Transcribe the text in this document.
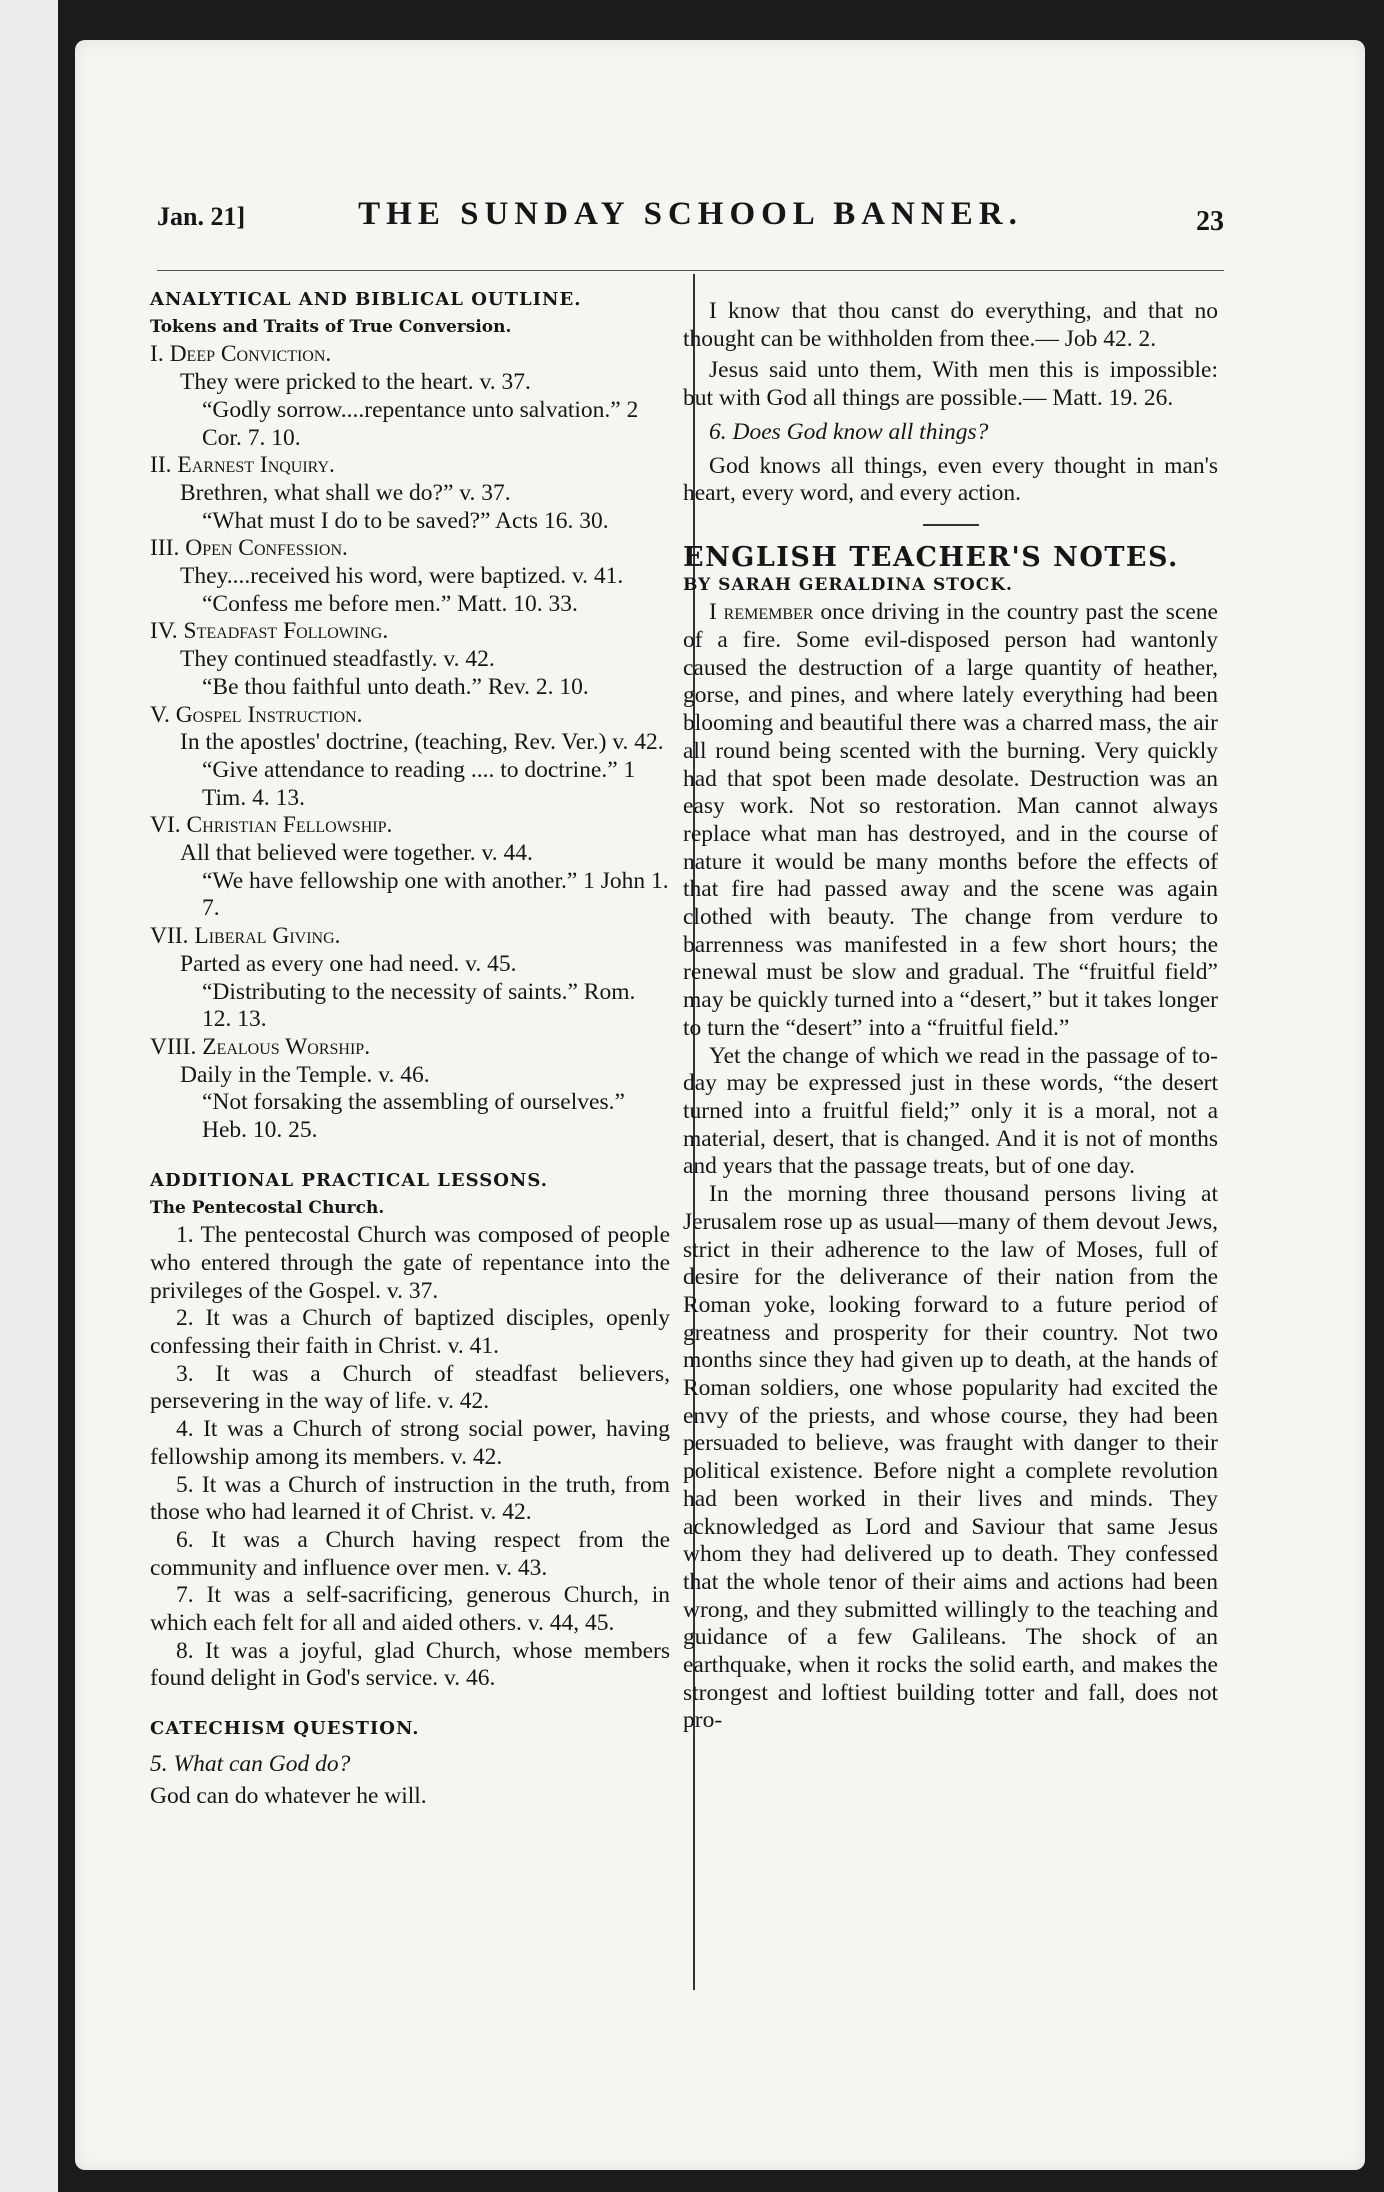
Jan. 21]	THE SUNDAY SCHOOL BANNER.	23

ANALYTICAL AND BIBLICAL OUTLINE.

Tokens and Traits of True Conversion.

I. Deep Conviction.

They were pricked to the heart. v. 37.

“Godly sorrow....repentance unto salvation.” 2 Cor. 7. 10.

II. Earnest Inquiry.

Brethren, what shall we do?” v. 37.

“What must I do to be saved?” Acts 16. 30.

III. Open Confession.

They....received his word, were baptized. v. 41.

“Confess me before men.” Matt. 10. 33.

IV. Steadfast Following.

They continued steadfastly. v. 42.

“Be thou faithful unto death.” Rev. 2. 10.

V. Gospel Instruction.

In the apostles' doctrine, (teaching, Rev. Ver.) v. 42.

“Give attendance to reading .... to doctrine.” 1 Tim. 4. 13.

VI. Christian Fellowship.

All that believed were together. v. 44.

“We have fellowship one with another.” 1 John 1. 7.

VII. Liberal Giving.

Parted as every one had need. v. 45.

“Distributing to the necessity of saints.” Rom. 12. 13.

VIII. Zealous Worship.

Daily in the Temple. v. 46.

“Not forsaking the assembling of ourselves.” Heb. 10. 25.

ADDITIONAL PRACTICAL LESSONS.

The Pentecostal Church.

1. The pentecostal Church was composed of people who entered through the gate of repentance into the privileges of the Gospel. v. 37.

2. It was a Church of baptized disciples, openly confessing their faith in Christ. v. 41.

3. It was a Church of steadfast believers, persevering in the way of life. v. 42.

4. It was a Church of strong social power, having fellowship among its members. v. 42.

5. It was a Church of instruction in the truth, from those who had learned it of Christ. v. 42.

6. It was a Church having respect from the community and influence over men. v. 43.

7. It was a self-sacrificing, generous Church, in which each felt for all and aided others. v. 44, 45.

8. It was a joyful, glad Church, whose members found delight in God's service. v. 46.

CATECHISM QUESTION.

5. What can God do?

God can do whatever he will.

I know that thou canst do everything, and that no thought can be withholden from thee.— Job 42. 2.

Jesus said unto them, With men this is impossible: but with God all things are possible.— Matt. 19. 26.

6. Does God know all things?

God knows all things, even every thought in man's heart, every word, and every action.

ENGLISH TEACHER'S NOTES.

BY SARAH GERALDINA STOCK.

I remember once driving in the country past the scene of a fire. Some evil-disposed person had wantonly caused the destruction of a large quantity of heather, gorse, and pines, and where lately everything had been blooming and beautiful there was a charred mass, the air all round being scented with the burning. Very quickly had that spot been made desolate. Destruction was an easy work. Not so restoration. Man cannot always replace what man has destroyed, and in the course of nature it would be many months before the effects of that fire had passed away and the scene was again clothed with beauty. The change from verdure to barrenness was manifested in a few short hours; the renewal must be slow and gradual. The “fruitful field” may be quickly turned into a “desert,” but it takes longer to turn the “desert” into a “fruitful field.”

Yet the change of which we read in the passage of to-day may be expressed just in these words, “the desert turned into a fruitful field;” only it is a moral, not a material, desert, that is changed. And it is not of months and years that the passage treats, but of one day.

In the morning three thousand persons living at Jerusalem rose up as usual—many of them devout Jews, strict in their adherence to the law of Moses, full of desire for the deliverance of their nation from the Roman yoke, looking forward to a future period of greatness and prosperity for their country. Not two months since they had given up to death, at the hands of Roman soldiers, one whose popularity had excited the envy of the priests, and whose course, they had been persuaded to believe, was fraught with danger to their political existence. Before night a complete revolution had been worked in their lives and minds. They acknowledged as Lord and Saviour that same Jesus whom they had delivered up to death. They confessed that the whole tenor of their aims and actions had been wrong, and they submitted willingly to the teaching and guidance of a few Galileans. The shock of an earthquake, when it rocks the solid earth, and makes the strongest and loftiest building totter and fall, does not pro-
